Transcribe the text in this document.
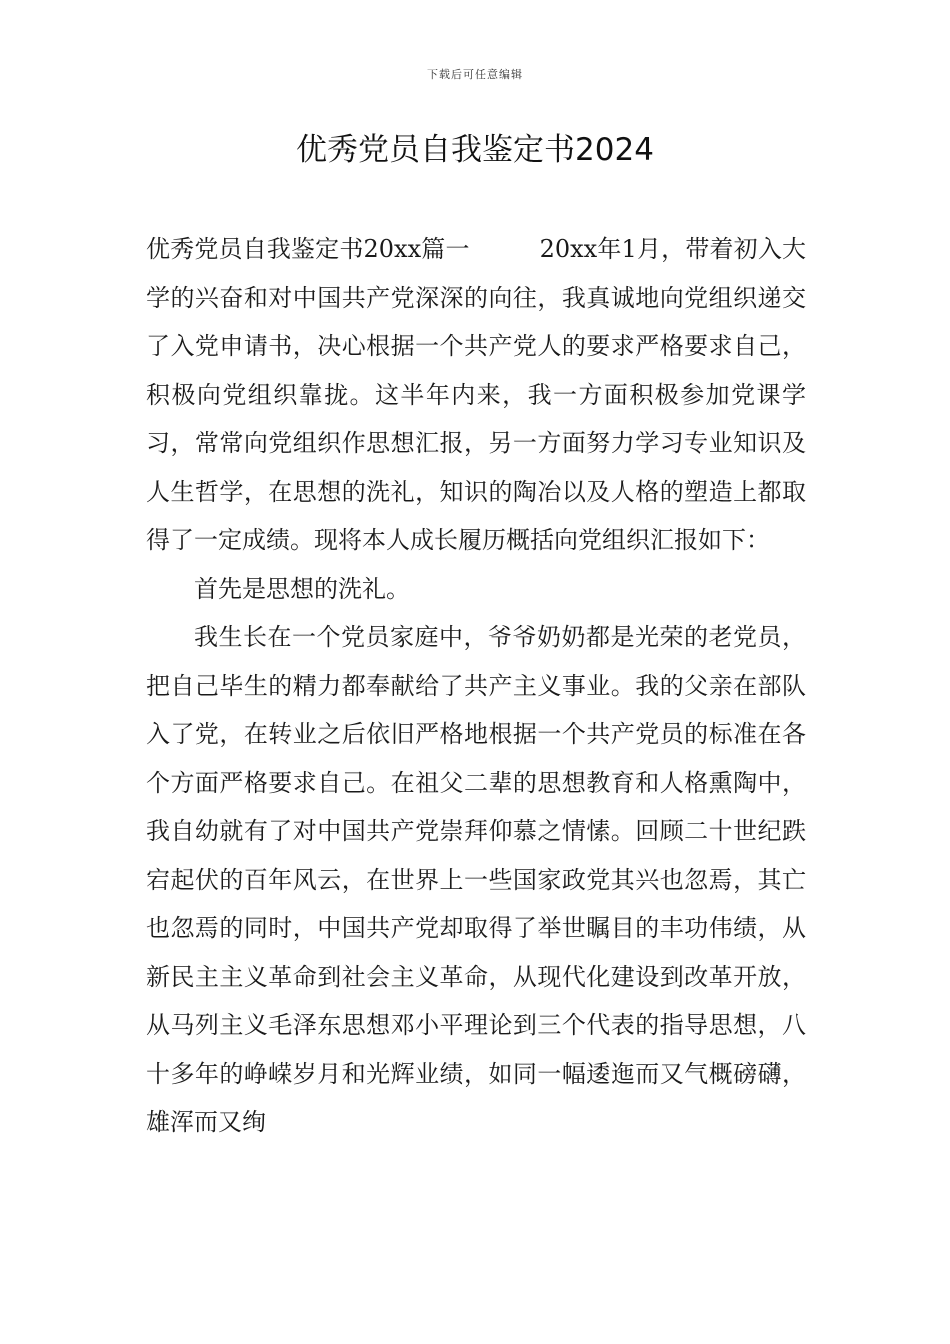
下载后可任意编辑
优秀党员自我鉴定书2024

优秀党员自我鉴定书20xx篇一	20xx年1月，带着初入大学的兴奋和对中国共产党深深的向往，我真诚地向党组织递交了入党申请书，决心根据一个共产党人的要求严格要求自己，积极向党组织靠拢。这半年内来，我一方面积极参加党课学习，常常向党组织作思想汇报，另一方面努力学习专业知识及人生哲学，在思想的洗礼，知识的陶冶以及人格的塑造上都取得了一定成绩。现将本人成长履历概括向党组织汇报如下：

首先是思想的洗礼。

我生长在一个党员家庭中，爷爷奶奶都是光荣的老党员，把自己毕生的精力都奉献给了共产主义事业。我的父亲在部队入了党，在转业之后依旧严格地根据一个共产党员的标准在各个方面严格要求自己。在祖父二辈的思想教育和人格熏陶中，我自幼就有了对中国共产党崇拜仰慕之情愫。回顾二十世纪跌宕起伏的百年风云，在世界上一些国家政党其兴也忽焉，其亡也忽焉的同时，中国共产党却取得了举世瞩目的丰功伟绩，从新民主主义革命到社会主义革命，从现代化建设到改革开放，从马列主义毛泽东思想邓小平理论到三个代表的指导思想，八十多年的峥嵘岁月和光辉业绩，如同一幅逶迤而又气概磅礴，雄浑而又绚
